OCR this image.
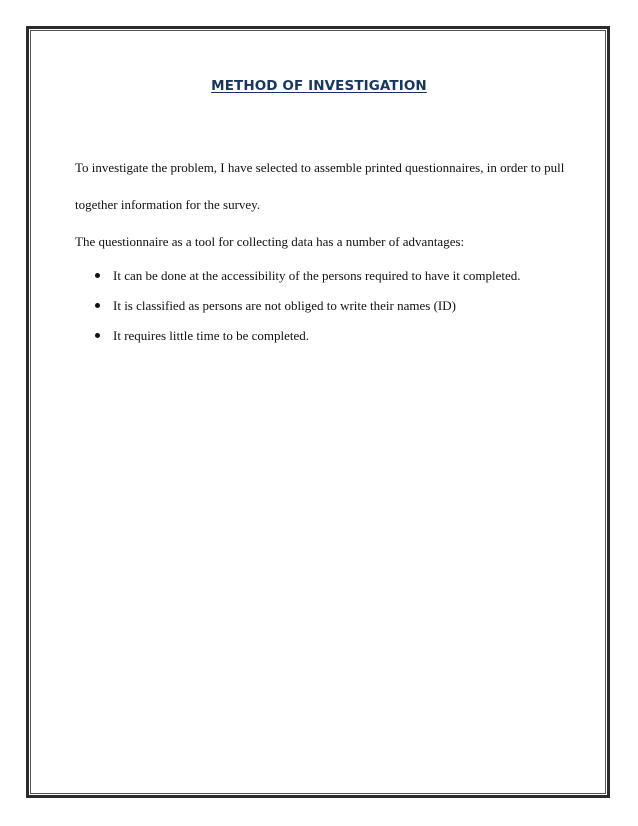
METHOD OF INVESTIGATION
To investigate the problem, I have selected to assemble printed questionnaires, in order to pull
together information for the survey.
The questionnaire as a tool for collecting data has a number of advantages:
It can be done at the accessibility of the persons required to have it completed.
It is classified as persons are not obliged to write their names (ID)
It requires little time to be completed.
